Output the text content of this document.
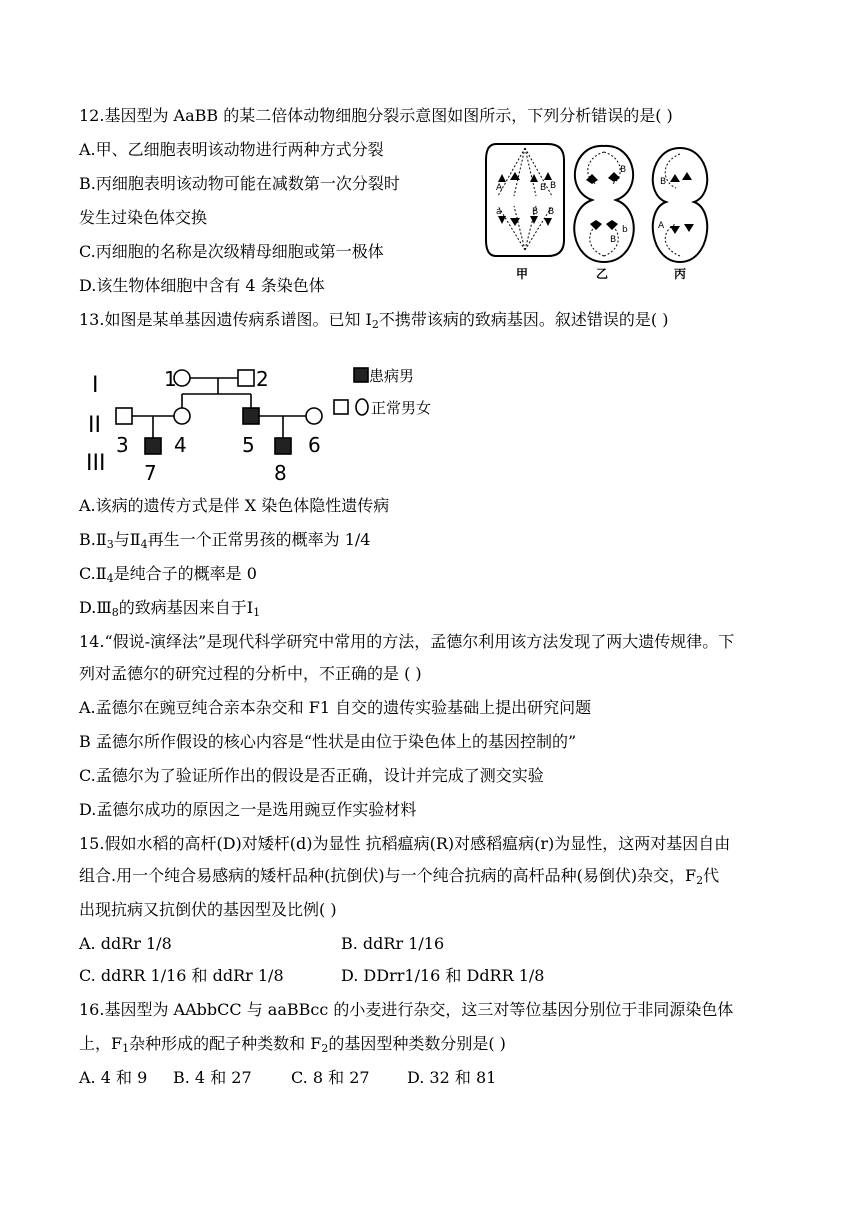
12.基因型为 AaBB 的某二倍体动物细胞分裂示意图如图所示，下列分析错误的是( )
A.甲、乙细胞表明该动物进行两种方式分裂
B.丙细胞表明该动物可能在减数第一次分裂时
发生过染色体交换
C.丙细胞的名称是次级精母细胞或第一极体
D.该生物体细胞中含有 4 条染色体
A	B B
a	B B
B
B
b
B
A
甲	乙	丙
13.如图是某单基因遗传病系谱图。已知 $I_2$不携带该病的致病基因。叙述错误的是( )
I
II
III
1	2
3 4	5	6
7	8
患病男
正常男女
A.该病的遗传方式是伴 X 染色体隐性遗传病
$B.Ⅱ_3$与$Ⅱ_4$再生一个正常男孩的概率为 1/4
$C.Ⅱ_4$是纯合子的概率是 0
$D.Ⅲ_8$的致病基因来自于$I_1$
14.“假说-演绎法”是现代科学研究中常用的方法，孟德尔利用该方法发现了两大遗传规律。下
列对孟德尔的研究过程的分析中，不正确的是 ( )
A.孟德尔在豌豆纯合亲本杂交和 F1 自交的遗传实验基础上提出研究问题
B 孟德尔所作假设的核心内容是“性状是由位于染色体上的基因控制的”
C.孟德尔为了验证所作出的假设是否正确，设计并完成了测交实验
D.孟德尔成功的原因之一是选用豌豆作实验材料
15.假如水稻的高杆(D)对矮杆(d)为显性 抗稻瘟病(R)对感稻瘟病(r)为显性，这两对基因自由
组合.用一个纯合易感病的矮杆品种(抗倒伏)与一个纯合抗病的高杆品种(易倒伏)杂交，$F_2$代
出现抗病又抗倒伏的基因型及比例( )
A. ddRr 1/8	B. ddRr 1/16
C. ddRR 1/16 和 ddRr 1/8	D. DDrr1/16 和 DdRR 1/8
16.基因型为 AAbbCC 与 aaBBcc 的小麦进行杂交，这三对等位基因分别位于非同源染色体
上，$F_1$杂种形成的配子种类数和 $F_2$的基因型种类数分别是( )
A. 4 和 9 B. 4 和 27 C. 8 和 27 D. 32 和 81
